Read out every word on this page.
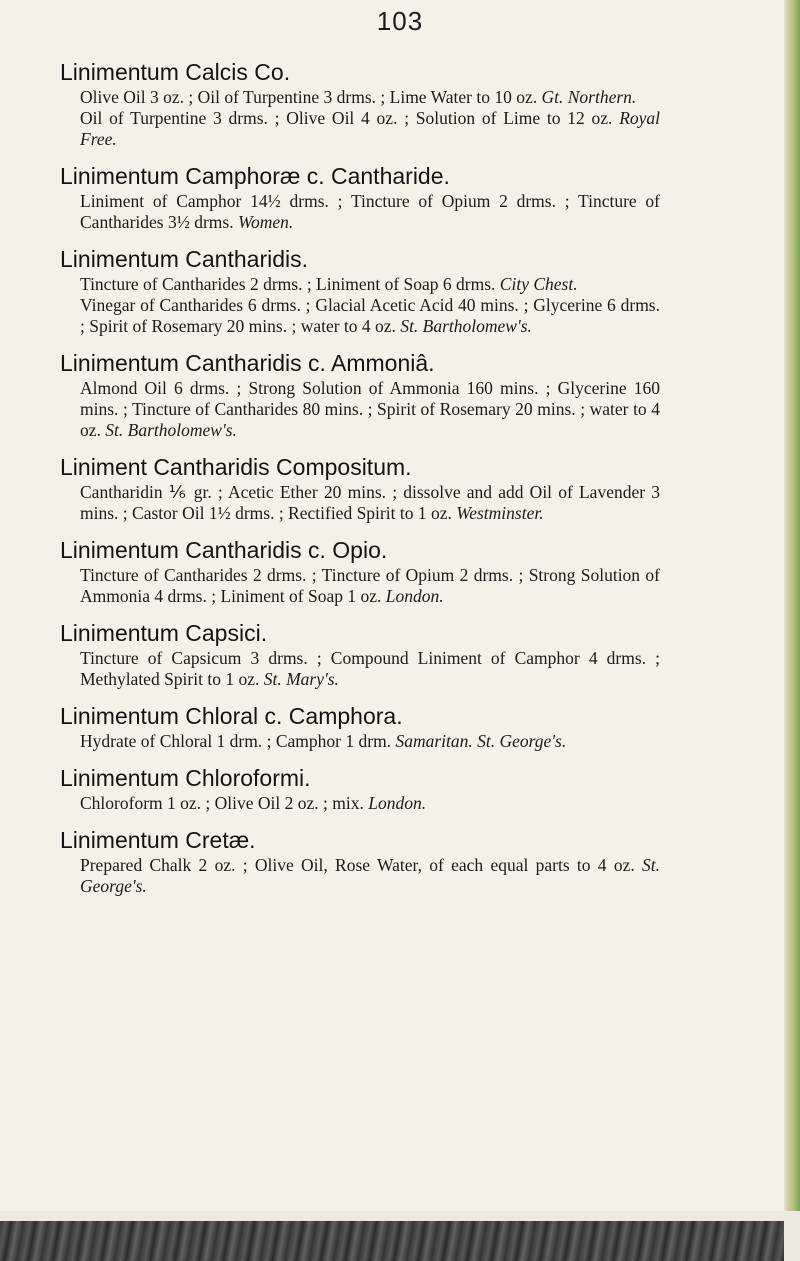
103
Linimentum Calcis Co.

Olive Oil 3 oz. ; Oil of Turpentine 3 drms. ; Lime Water to 10 oz. Gt. Northern.

Oil of Turpentine 3 drms. ; Olive Oil 4 oz. ; Solution of Lime to 12 oz. Royal Free.

Linimentum Camphoræ c. Cantharide.

Liniment of Camphor 14½ drms. ; Tincture of Opium 2 drms. ; Tincture of Cantharides 3½ drms. Women.

Linimentum Cantharidis.

Tincture of Cantharides 2 drms. ; Liniment of Soap 6 drms. City Chest.

Vinegar of Cantharides 6 drms. ; Glacial Acetic Acid 40 mins. ; Glycerine 6 drms. ; Spirit of Rosemary 20 mins. ; water to 4 oz. St. Bartholomew's.

Linimentum Cantharidis c. Ammoniâ.

Almond Oil 6 drms. ; Strong Solution of Ammonia 160 mins. ; Glycerine 160 mins. ; Tincture of Cantharides 80 mins. ; Spirit of Rosemary 20 mins. ; water to 4 oz. St. Bartholomew's.

Liniment Cantharidis Compositum.

Cantharidin ⅙ gr. ; Acetic Ether 20 mins. ; dissolve and add Oil of Lavender 3 mins. ; Castor Oil 1½ drms. ; Rectified Spirit to 1 oz. Westminster.

Linimentum Cantharidis c. Opio.

Tincture of Cantharides 2 drms. ; Tincture of Opium 2 drms. ; Strong Solution of Ammonia 4 drms. ; Liniment of Soap 1 oz. London.

Linimentum Capsici.

Tincture of Capsicum 3 drms. ; Compound Liniment of Camphor 4 drms. ; Methylated Spirit to 1 oz. St. Mary's.

Linimentum Chloral c. Camphora.

Hydrate of Chloral 1 drm. ; Camphor 1 drm. Samaritan. St. George's.

Linimentum Chloroformi.

Chloroform 1 oz. ; Olive Oil 2 oz. ; mix. London.

Linimentum Cretæ.

Prepared Chalk 2 oz. ; Olive Oil, Rose Water, of each equal parts to 4 oz. St. George's.
